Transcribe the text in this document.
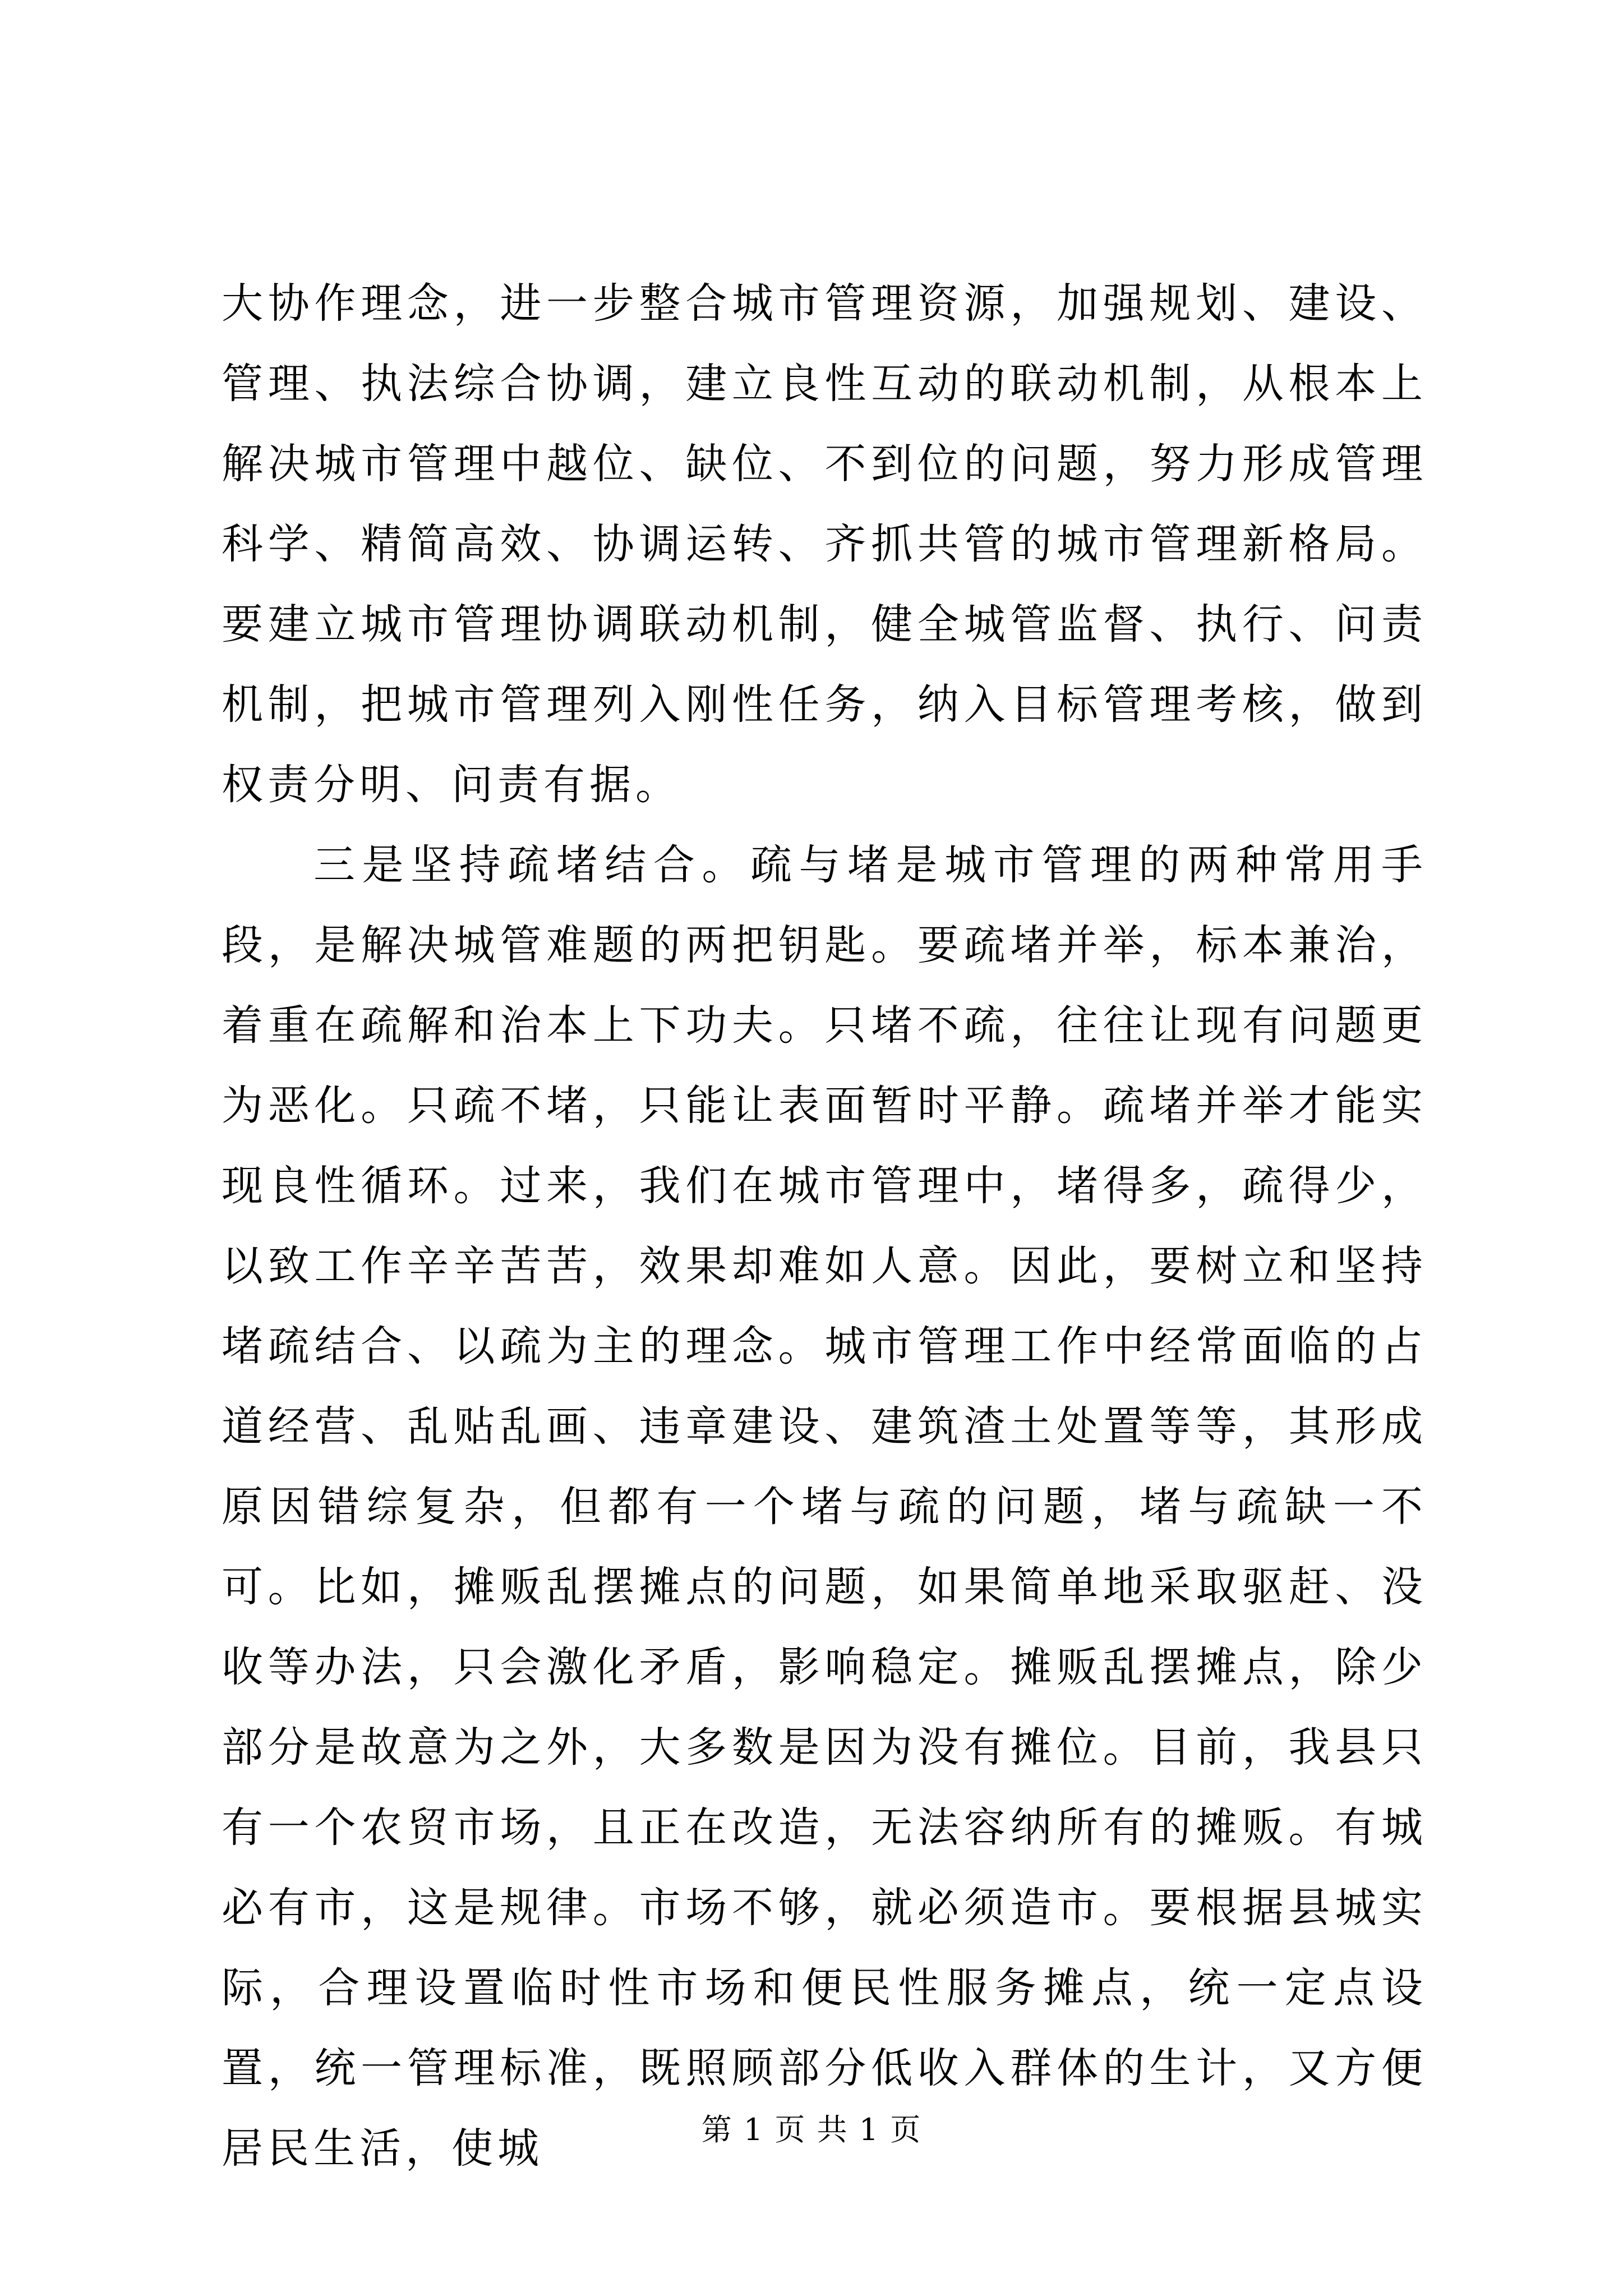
大协作理念，进一步整合城市管理资源，加强规划、建设、管理、执法综合协调，建立良性互动的联动机制，从根本上解决城市管理中越位、缺位、不到位的问题，努力形成管理科学、精简高效、协调运转、齐抓共管的城市管理新格局。要建立城市管理协调联动机制，健全城管监督、执行、问责机制，把城市管理列入刚性任务，纳入目标管理考核，做到权责分明、问责有据。

三是坚持疏堵结合。疏与堵是城市管理的两种常用手段，是解决城管难题的两把钥匙。要疏堵并举，标本兼治，着重在疏解和治本上下功夫。只堵不疏，往往让现有问题更为恶化。只疏不堵，只能让表面暂时平静。疏堵并举才能实现良性循环。过来，我们在城市管理中，堵得多，疏得少，以致工作辛辛苦苦，效果却难如人意。因此，要树立和坚持堵疏结合、以疏为主的理念。城市管理工作中经常面临的占道经营、乱贴乱画、违章建设、建筑渣土处置等等，其形成原因错综复杂，但都有一个堵与疏的问题，堵与疏缺一不可。比如，摊贩乱摆摊点的问题，如果简单地采取驱赶、没收等办法，只会激化矛盾，影响稳定。摊贩乱摆摊点，除少部分是故意为之外，大多数是因为没有摊位。目前，我县只有一个农贸市场，且正在改造，无法容纳所有的摊贩。有城必有市，这是规律。市场不够，就必须造市。要根据县城实际，合理设置临时性市场和便民性服务摊点，统一定点设置，统一管理标准，既照顾部分低收入群体的生计，又方便居民生活，使城	第 1 页 共 1 页
